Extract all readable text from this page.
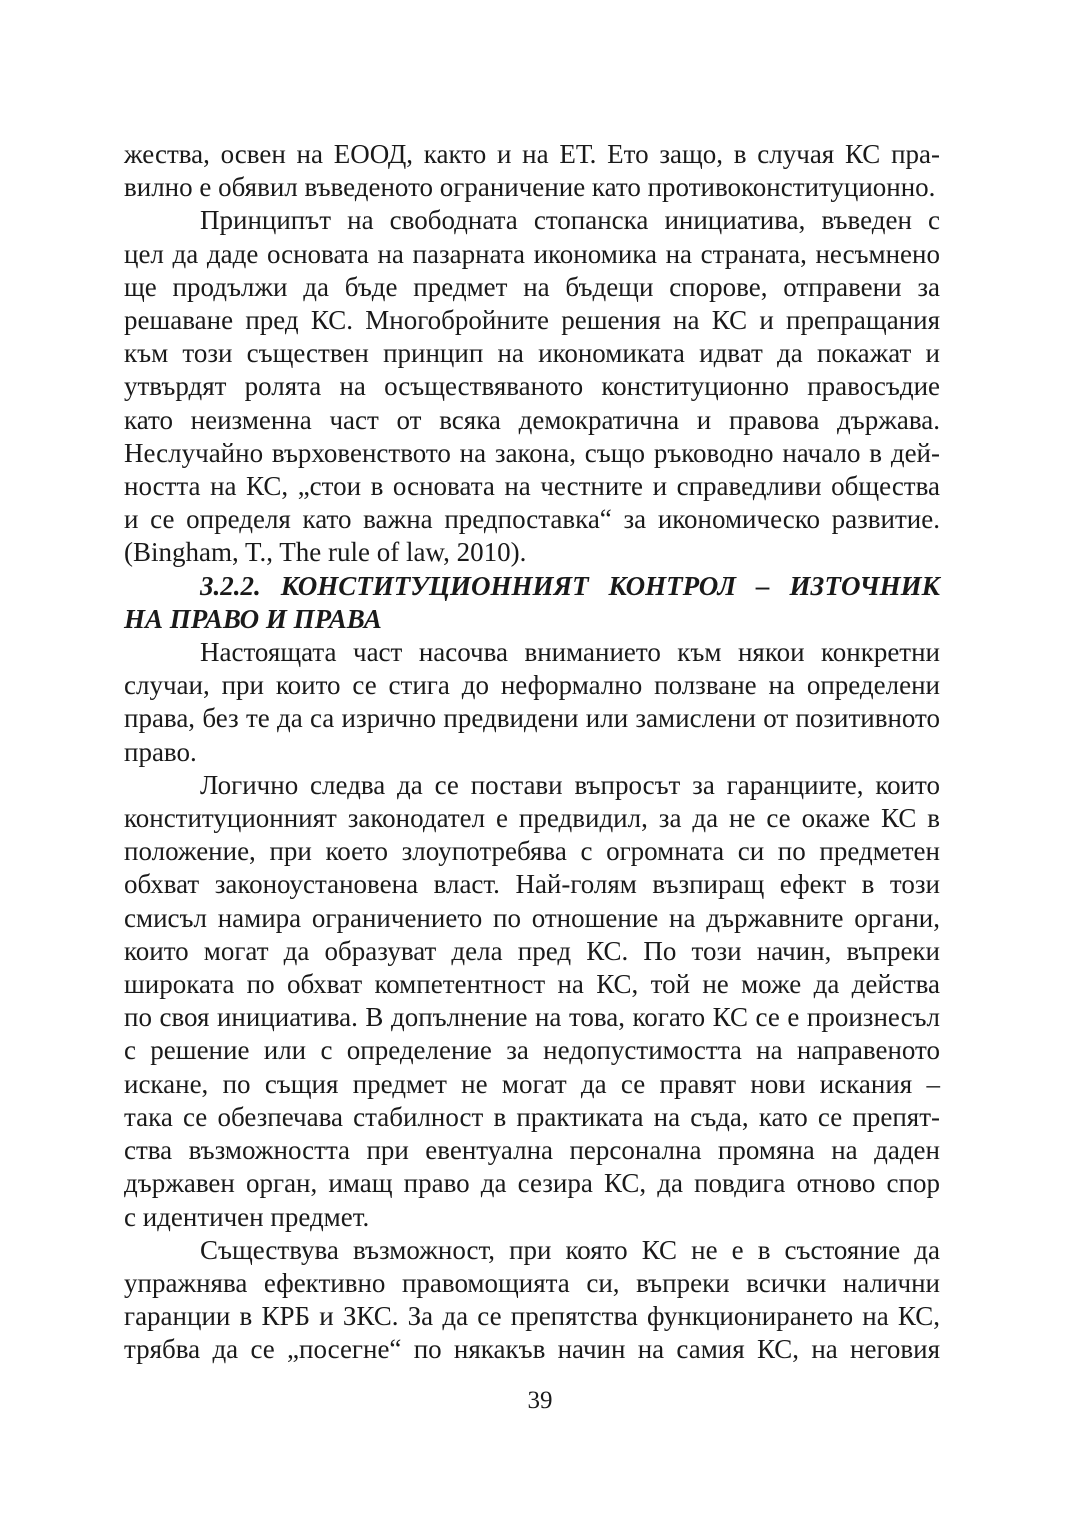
жества, освен на ЕООД, както и на ЕТ. Ето защо, в случая КС пра-
вилно е обявил въведеното ограничение като противоконституционно.

Принципът на свободната стопанска инициатива, въведен с
цел да даде основата на пазарната икономика на страната, несъмнено
ще продължи да бъде предмет на бъдещи спорове, отправени за
решаване пред КС. Многобройните решения на КС и препращания
към този съществен принцип на икономиката идват да покажат и
утвърдят ролята на осъществяваното конституционно правосъдие
като неизменна част от всяка демократична и правова държава.
Неслучайно върховенството на закона, също ръководно начало в дей-
ността на КС, „стои в основата на честните и справедливи общества
и се определя като важна предпоставка“ за икономическо развитие.
(Bingham, T., The rule of law, 2010).

3.2.2. КОНСТИТУЦИОННИЯТ КОНТРОЛ – ИЗТОЧНИК
НА ПРАВО И ПРАВА

Настоящата част насочва вниманието към някои конкретни
случаи, при които се стига до неформално ползване на определени
права, без те да са изрично предвидени или замислени от позитивното
право.

Логично следва да се постави въпросът за гаранциите, които
конституционният законодател е предвидил, за да не се окаже КС в
положение, при което злоупотребява с огромната си по предметен
обхват законоустановена власт. Най-голям възпиращ ефект в този
смисъл намира ограничението по отношение на държавните органи,
които могат да образуват дела пред КС. По този начин, въпреки
широката по обхват компетентност на КС, той не може да действа
по своя инициатива. В допълнение на това, когато КС се е произнесъл
с решение или с определение за недопустимостта на направеното
искане, по същия предмет не могат да се правят нови искания –
така се обезпечава стабилност в практиката на съда, като се препят-
ства възможността при евентуална персонална промяна на даден
държавен орган, имащ право да сезира КС, да повдига отново спор
с идентичен предмет.

Съществува възможност, при която КС не е в състояние да
упражнява ефективно правомощията си, въпреки всички налични
гаранции в КРБ и ЗКС. За да се препятства функционирането на КС,
трябва да се „посегне“ по някакъв начин на самия КС, на неговия

39
